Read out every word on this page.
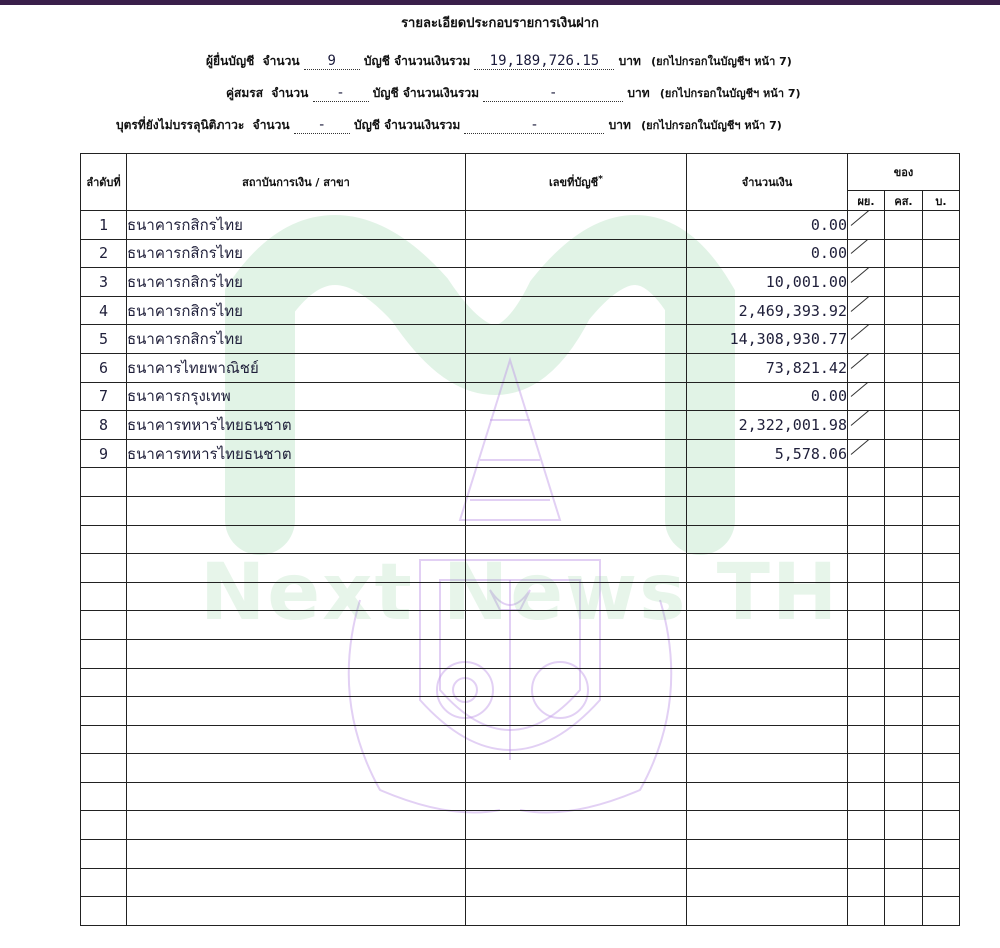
Next News TH
รายละเอียดประกอบรายการเงินฝาก
ผู้ยื่นบัญชี จำนวน 9 บัญชี จำนวนเงินรวม 19,189,726.15 บาท (ยกไปกรอกในบัญชีฯ หน้า 7)
คู่สมรส จำนวน - บัญชี จำนวนเงินรวม	-	บาท (ยกไปกรอกในบัญชีฯ หน้า 7)
บุตรที่ยังไม่บรรลุนิติภาวะ จำนวน - บัญชี จำนวนเงินรวม	-	บาท (ยกไปกรอกในบัญชีฯ หน้า 7)
ลำดับที่	สถาบันการเงิน / สาขา	เลขที่บัญชี*	จำนวนเงิน	ของ		
				ผย.	คส.	บ.
1	ธนาคารกสิกรไทย		0.00			
2	ธนาคารกสิกรไทย		0.00			
3	ธนาคารกสิกรไทย		10,001.00			
4	ธนาคารกสิกรไทย		2,469,393.92			
5	ธนาคารกสิกรไทย		14,308,930.77			
6	ธนาคารไทยพาณิชย์		73,821.42			
7	ธนาคารกรุงเทพ		0.00			
8	ธนาคารทหารไทยธนชาต		2,322,001.98			
9	ธนาคารทหารไทยธนชาต		5,578.06			
